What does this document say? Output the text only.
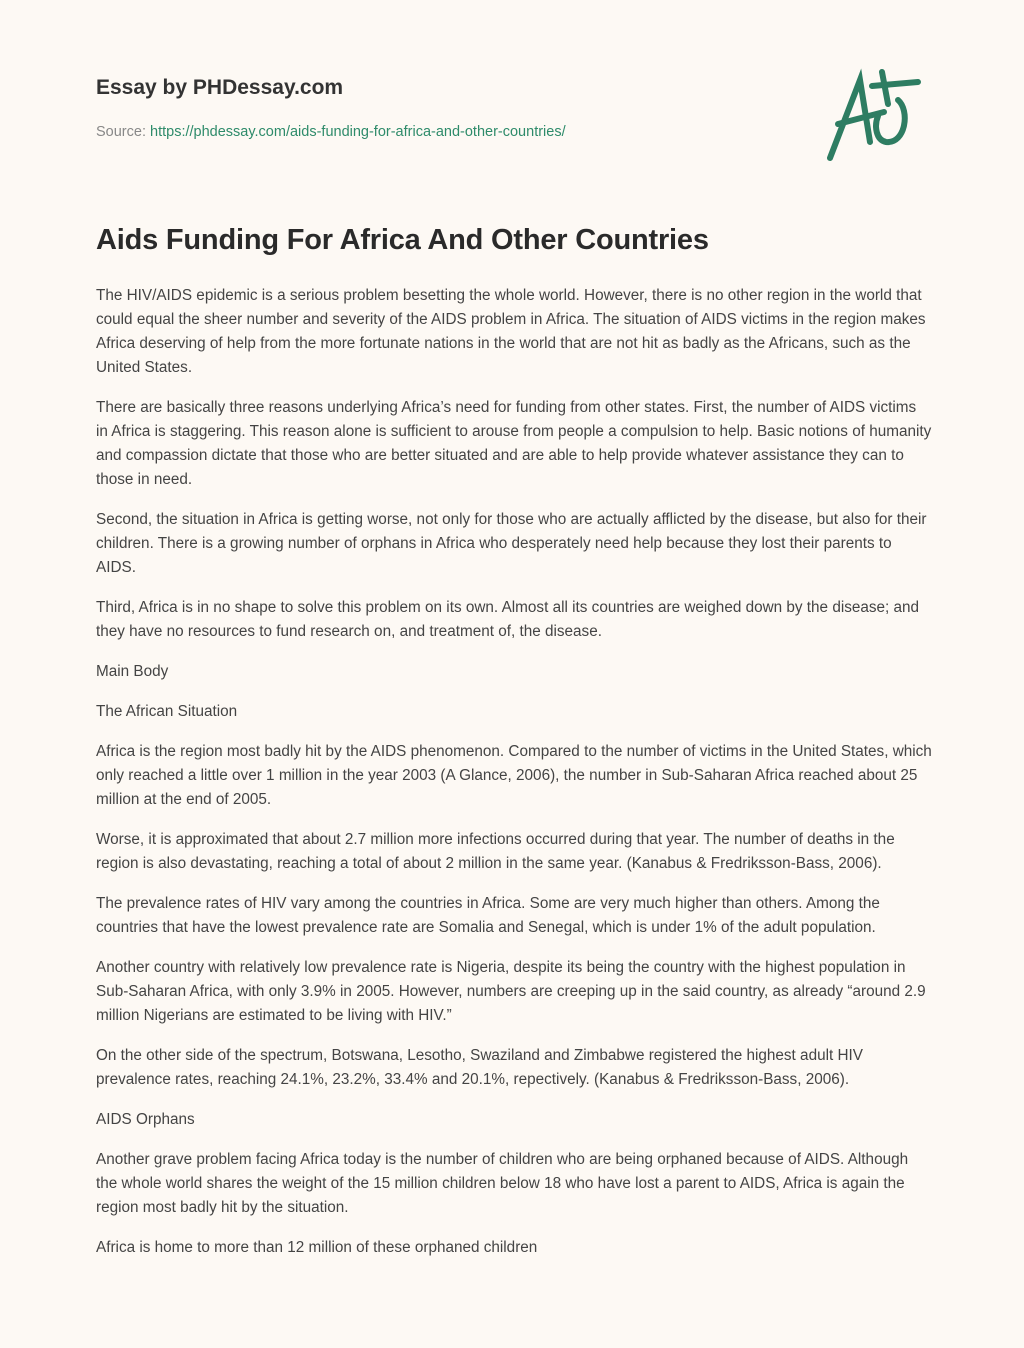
Essay by PHDessay.com
Source: https://phdessay.com/aids-funding-for-africa-and-other-countries/
Aids Funding For Africa And Other Countries

The HIV/AIDS epidemic is a serious problem besetting the whole world. However, there is no other region in the world that could equal the sheer number and severity of the AIDS problem in Africa. The situation of AIDS victims in the region makes Africa deserving of help from the more fortunate nations in the world that are not hit as badly as the Africans, such as the United States.

There are basically three reasons underlying Africa’s need for funding from other states. First, the number of AIDS victims in Africa is staggering. This reason alone is sufficient to arouse from people a compulsion to help. Basic notions of humanity and compassion dictate that those who are better situated and are able to help provide whatever assistance they can to those in need.

Second, the situation in Africa is getting worse, not only for those who are actually afflicted by the disease, but also for their children. There is a growing number of orphans in Africa who desperately need help because they lost their parents to AIDS.

Third, Africa is in no shape to solve this problem on its own. Almost all its countries are weighed down by the disease; and they have no resources to fund research on, and treatment of, the disease.

Main Body

The African Situation

Africa is the region most badly hit by the AIDS phenomenon. Compared to the number of victims in the United States, which only reached a little over 1 million in the year 2003 (A Glance, 2006), the number in Sub-Saharan Africa reached about 25 million at the end of 2005.

Worse, it is approximated that about 2.7 million more infections occurred during that year. The number of deaths in the region is also devastating, reaching a total of about 2 million in the same year. (Kanabus & Fredriksson-Bass, 2006).

The prevalence rates of HIV vary among the countries in Africa. Some are very much higher than others. Among the countries that have the lowest prevalence rate are Somalia and Senegal, which is under 1% of the adult population.

Another country with relatively low prevalence rate is Nigeria, despite its being the country with the highest population in Sub-Saharan Africa, with only 3.9% in 2005. However, numbers are creeping up in the said country, as already “around 2.9 million Nigerians are estimated to be living with HIV.”

On the other side of the spectrum, Botswana, Lesotho, Swaziland and Zimbabwe registered the highest adult HIV prevalence rates, reaching 24.1%, 23.2%, 33.4% and 20.1%, repectively. (Kanabus & Fredriksson-Bass, 2006).

AIDS Orphans

Another grave problem facing Africa today is the number of children who are being orphaned because of AIDS. Although the whole world shares the weight of the 15 million children below 18 who have lost a parent to AIDS, Africa is again the region most badly hit by the situation.

Africa is home to more than 12 million of these orphaned children
